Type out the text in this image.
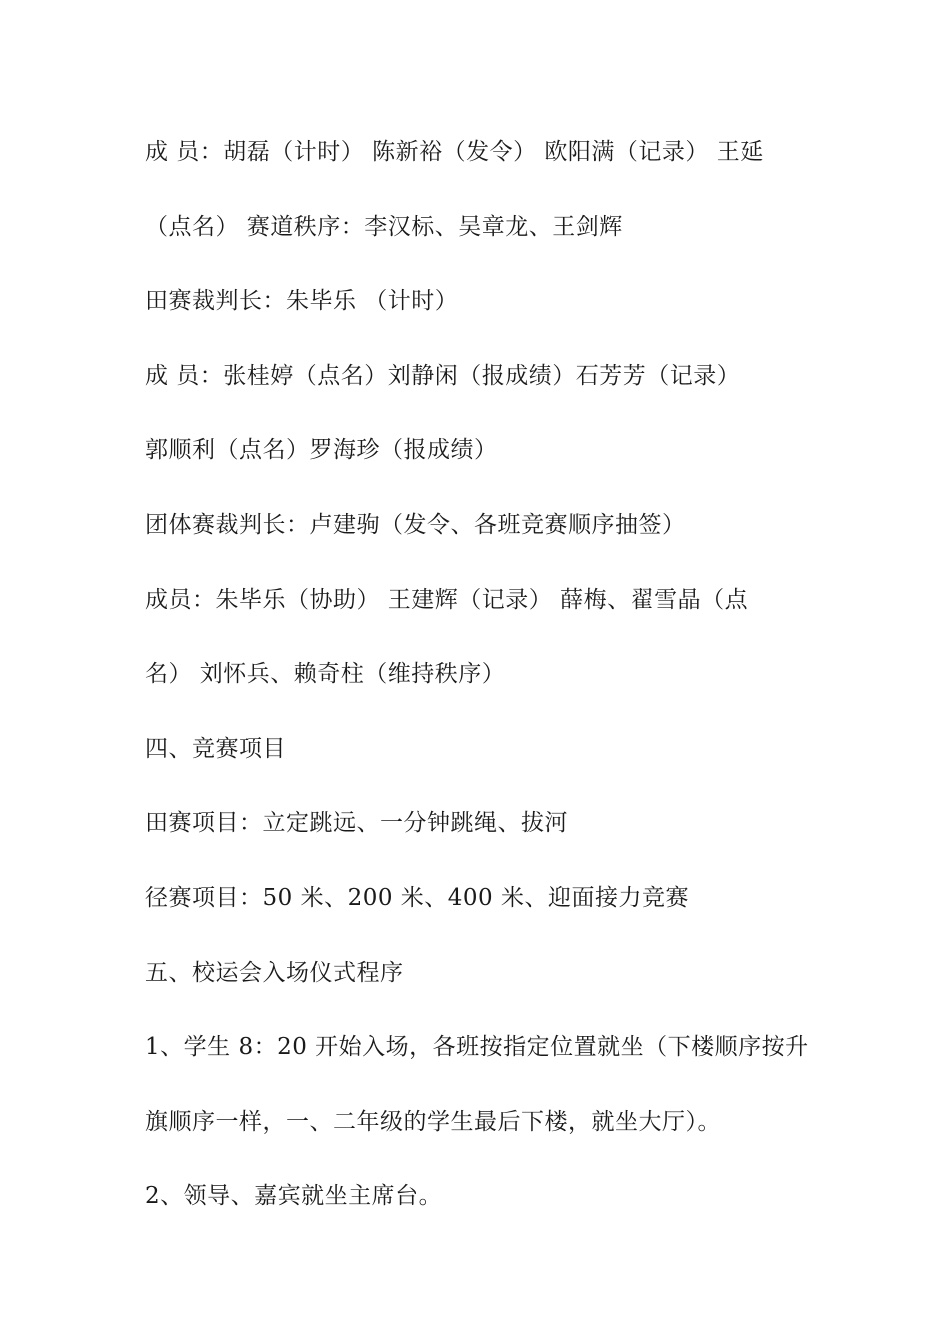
成 员：胡磊（计时） 陈新裕（发令） 欧阳满（记录） 王延
（点名） 赛道秩序：李汉标、吴章龙、王剑辉
田赛裁判长：朱毕乐 （计时）
成 员：张桂婷（点名）刘静闲（报成绩）石芳芳（记录）
郭顺利（点名）罗海珍（报成绩）
团体赛裁判长：卢建驹（发令、各班竞赛顺序抽签）
成员：朱毕乐（协助） 王建辉（记录） 薛梅、翟雪晶（点
名） 刘怀兵、赖奇柱（维持秩序）
四、竞赛项目
田赛项目：立定跳远、一分钟跳绳、拔河
径赛项目：50 米、200 米、400 米、迎面接力竞赛
五、校运会入场仪式程序
1、学生 8：20 开始入场，各班按指定位置就坐（下楼顺序按升
旗顺序一样，一、二年级的学生最后下楼，就坐大厅）。
2、领导、嘉宾就坐主席台。
